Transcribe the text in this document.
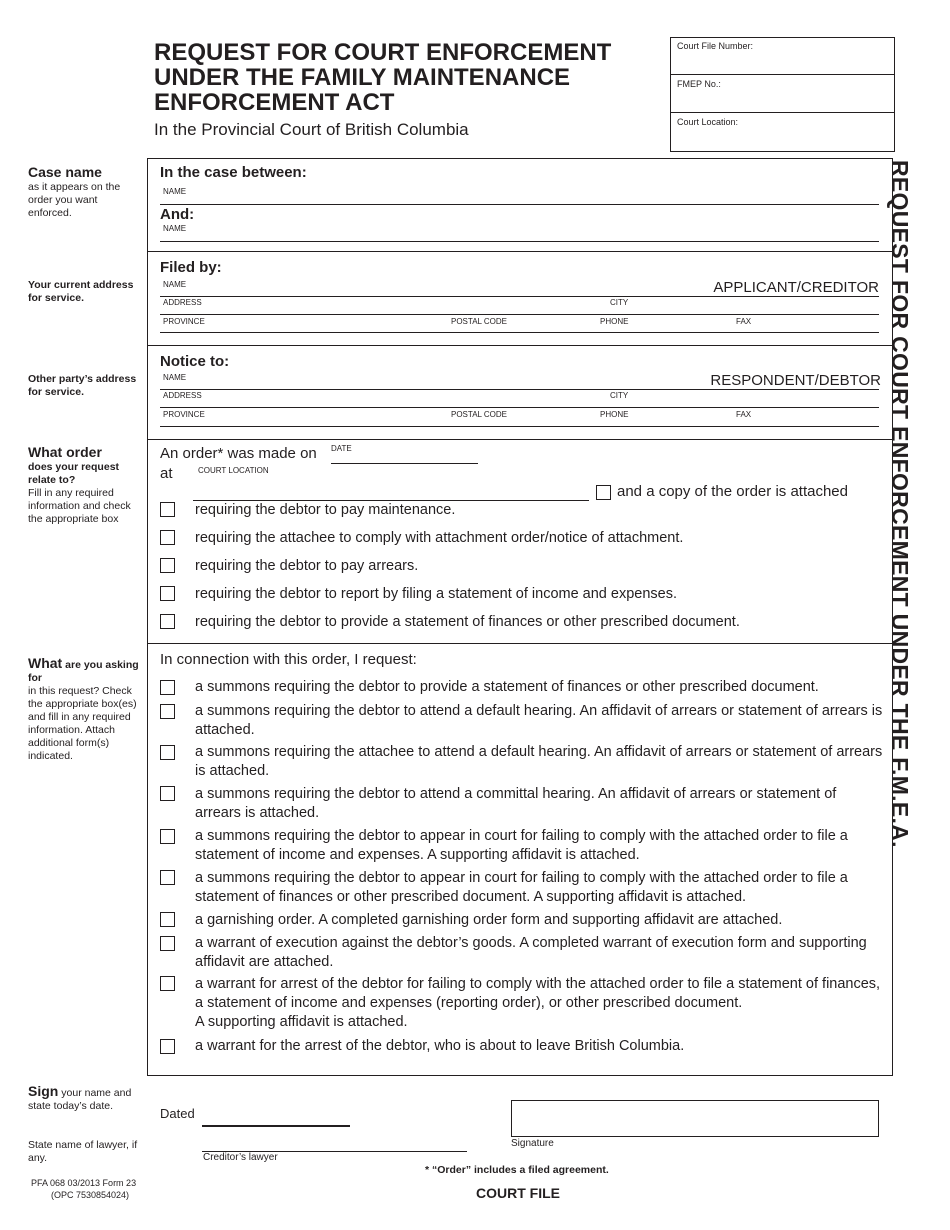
REQUEST FOR COURT ENFORCEMENT
UNDER THE FAMILY MAINTENANCE
ENFORCEMENT ACT
In the Provincial Court of British Columbia
Court File Number:
FMEP No.:
Court Location:
REQUEST FOR COURT ENFORCEMENT UNDER THE F.M.E.A.
Case name
as it appears on the order you want enforced.
Your current address for service.
Other party’s address for service.
What order
does your request relate to?
Fill in any required information and check the appropriate box
What are you asking for
in this request? Check the appropriate box(es) and fill in any required information. Attach additional form(s) indicated.
Sign your name and state today’s date.
State name of lawyer, if any.
In the case between:
NAME
And:
NAME
Filed by:
NAME	APPLICANT/CREDITOR
ADDRESS	CITY
PROVINCE	POSTAL CODE	PHONE	FAX
Notice to:
NAME	RESPONDENT/DEBTOR
ADDRESS	CITY
PROVINCE	POSTAL CODE	PHONE	FAX
An order* was made on DATE
at	COURT LOCATION
and a copy of the order is attached
requiring the debtor to pay maintenance.
requiring the attachee to comply with attachment order/notice of attachment.
requiring the debtor to pay arrears.
requiring the debtor to report by filing a statement of income and expenses.
requiring the debtor to provide a statement of finances or other prescribed document.
In connection with this order, I request:
a summons requiring the debtor to provide a statement of finances or other prescribed document.
a summons requiring the debtor to attend a default hearing. An affidavit of arrears or statement of arrears is attached.
a summons requiring the attachee to attend a default hearing. An affidavit of arrears or statement of arrears is attached.
a summons requiring the debtor to attend a committal hearing. An affidavit of arrears or statement of arrears is attached.
a summons requiring the debtor to appear in court for failing to comply with the attached order to file a statement of income and expenses. A supporting affidavit is attached.
a summons requiring the debtor to appear in court for failing to comply with the attached order to file a statement of finances or other prescribed document. A supporting affidavit is attached.
a garnishing order. A completed garnishing order form and supporting affidavit are attached.
a warrant of execution against the debtor’s goods. A completed warrant of execution form and supporting affidavit are attached.
a warrant for arrest of the debtor for failing to comply with the attached order to file a statement of finances, a statement of income and expenses (reporting order), or other prescribed document.
A supporting affidavit is attached.
a warrant for the arrest of the debtor, who is about to leave British Columbia.
Dated
Signature
Creditor’s lawyer
* “Order” includes a filed agreement.
PFA 068 03/2013 Form 23
(OPC 7530854024)	COURT FILE
